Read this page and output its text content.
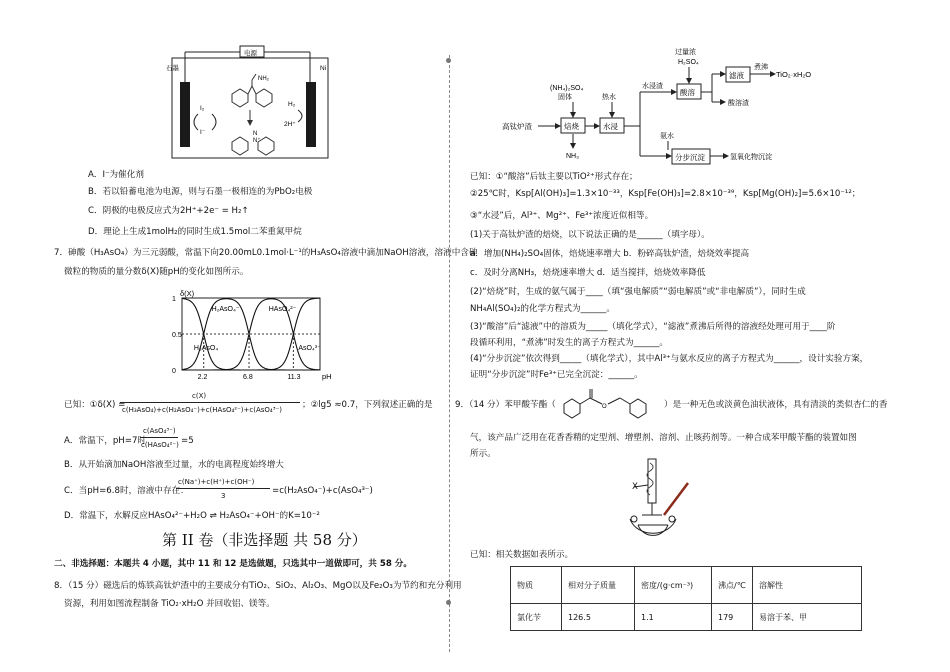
电源
石墨	Ni
I₂
I⁻
H₂
2H⁺
NH₂
N
N⁺
A．I⁻为催化剂
B．若以铅蓄电池为电源，则与石墨一极相连的为PbO₂电极
C．阴极的电极反应式为2H⁺+2e⁻ = H₂↑
D．理论上生成1molH₂的同时生成1.5mol二苯重氮甲烷
7．砷酸（H₃AsO₄）为三元弱酸，常温下向20.00mL0.1mol·L⁻¹的H₃AsO₄溶液中滴加NaOH溶液，溶液中含砷
微粒的物质的量分数δ(X)随pH的变化如图所示。
2.2	6.8	11.3
0
0.5
1
δ(X)
pH
H₃AsO₄
H₂AsO₄⁻	HAsO₄²⁻
AsO₄³⁻
已知：①δ(X) =
c(X)
c(H₃AsO₄)+c(H₂AsO₄⁻)+c(HAsO₄²⁻)+c(AsO₄³⁻) ；②lg5 ≈0.7，下列叙述正确的是
A．常温下，pH=7时
c(AsO₄³⁻)
c(HAsO₄²⁻) =5
B．从开始滴加NaOH溶液至过量，水的电离程度始终增大
C．当pH=6.8时，溶液中存在：
c(Na⁺)+c(H⁺)+c(OH⁻)
3	=c(H₂AsO₄⁻)+c(AsO₄³⁻)
D．常温下，水解反应HAsO₄²⁻+H₂O ⇌ H₂AsO₄⁻+OH⁻的K=10⁻²
第 II 卷（非选择题 共 58 分）
二、非选择题：本题共 4 小题，其中 11 和 12 是选做题，只选其中一道做即可，共 58 分。
8．（15 分）磁选后的炼铁高钛炉渣中的主要成分有TiO₂、SiO₂、Al₂O₃、MgO以及Fe₂O₃为节约和充分利用
资源，利用如图流程制备 TiO₂·xH₂O 并回收铝、镁等。
高钛炉渣	焙烧
(NH₄)₂SO₄
固体
NH₃
水浸
热水
水浸渣
酸溶
过量浓
H₂SO₄
滤液
煮沸
TiO₂·xH₂O
酸溶渣
氨水
分步沉淀	氢氧化物沉淀
已知：①“酸溶”后钛主要以TiO²⁺形式存在；
②25℃时，Ksp[Al(OH)₃]=1.3×10⁻³³，Ksp[Fe(OH)₃]=2.8×10⁻³⁹，Ksp[Mg(OH)₂]=5.6×10⁻¹²；
③“水浸”后，Al³⁺、Mg²⁺、Fe³⁺浓度近似相等。
(1)关于高钛炉渣的焙烧，以下说法正确的是______（填字母）。
a．增加(NH₄)₂SO₄固体，焙烧速率增大 b．粉碎高钛炉渣，焙烧效率提高
c．及时分离NH₃，焙烧速率增大 d．适当搅拌，焙烧效率降低
(2)“焙烧”时，生成的氨气属于____（填“强电解质”“弱电解质”或“非电解质”），同时生成
NH₄Al(SO₄)₂的化学方程式为______。
(3)“酸溶”后“滤液”中的溶质为_____（填化学式），“滤液”煮沸后所得的溶液经处理可用于____阶
段循环利用，“煮沸”时发生的离子方程式为______。
(4)“分步沉淀”依次得到_____（填化学式），其中Al³⁺与氨水反应的离子方程式为______，设计实验方案，
证明“分步沉淀”时Fe³⁺已完全沉淀：______。
9．（14 分）苯甲酸苄酯（	O	）是一种无色或淡黄色油状液体，具有清淡的类似杏仁的香
气，该产品广泛用在花香香精的定型剂、增塑剂、溶剂、止咳药剂等。一种合成苯甲酸苄酯的装置如图
所示。
X
已知：相关数据如表所示。
物质	相对分子质量	密度/(g·cm⁻³)	沸点/℃	溶解性
氯化苄	126.5	1.1	179	易溶于苯、甲
